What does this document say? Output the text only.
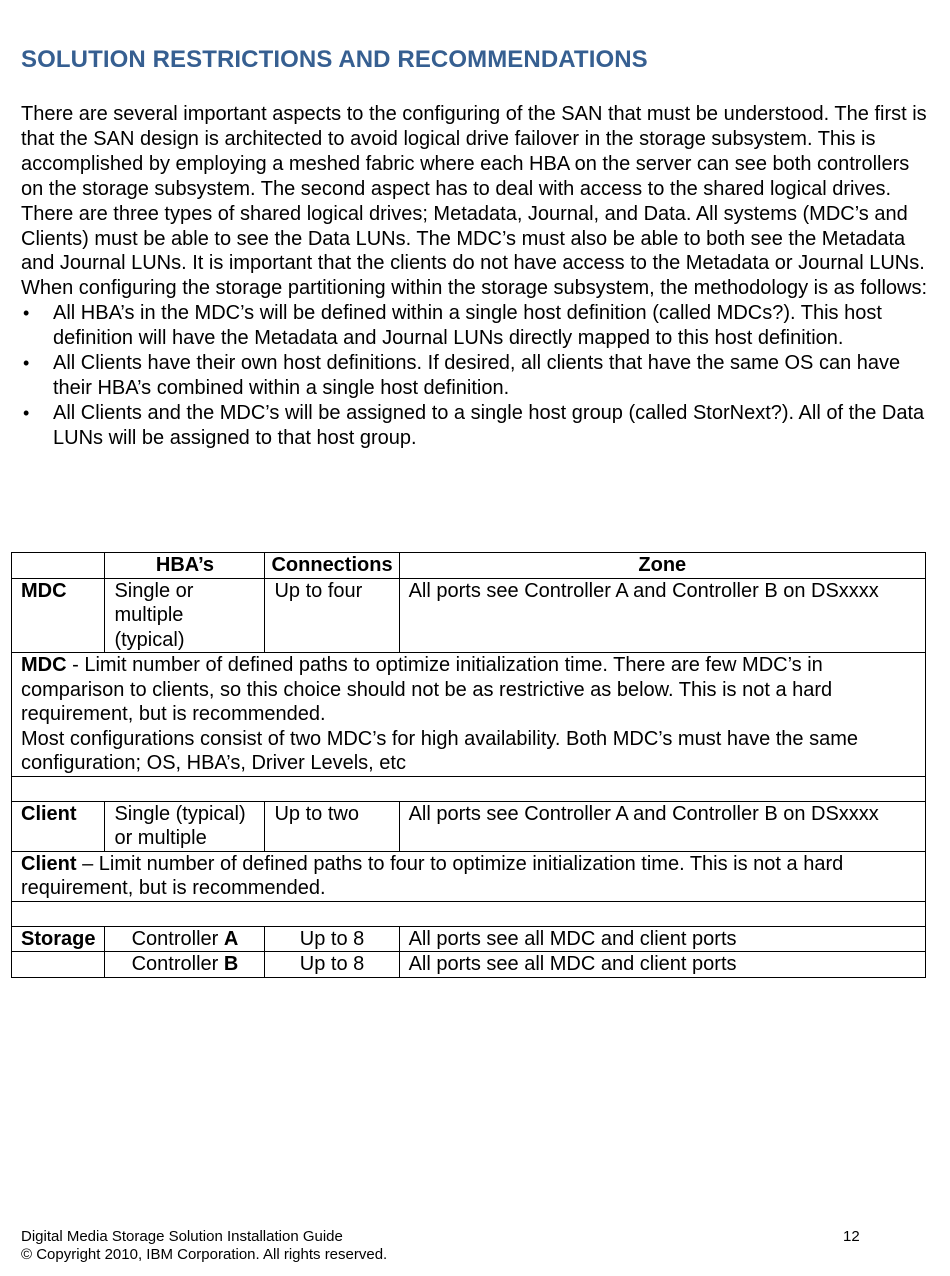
SOLUTION RESTRICTIONS AND RECOMMENDATIONS

There are several important aspects to the configuring of the SAN that must be understood. The first is that the SAN design is architected to avoid logical drive failover in the storage subsystem. This is accomplished by employing a meshed fabric where each HBA on the server can see both controllers on the storage subsystem. The second aspect has to deal with access to the shared logical drives. There are three types of shared logical drives; Metadata, Journal, and Data. All systems (MDC’s and Clients) must be able to see the Data LUNs. The MDC’s must also be able to both see the Metadata and Journal LUNs. It is important that the clients do not have access to the Metadata or Journal LUNs.

When configuring the storage partitioning within the storage subsystem, the methodology is as follows:

• All HBA’s in the MDC’s will be defined within a single host definition (called MDCs?). This host definition will have the Metadata and Journal LUNs directly mapped to this host definition.
• All Clients have their own host definitions. If desired, all clients that have the same OS can have their HBA’s combined within a single host definition.
• All Clients and the MDC’s will be assigned to a single host group (called StorNext?). All of the Data LUNs will be assigned to that host group.
	HBA’s	Connections	Zone
MDC	Single or multiple (typical)	Up to four	All ports see Controller A and Controller B on DSxxxx
MDC - Limit number of defined paths to optimize initialization time. There are few MDC’s in comparison to clients, so this choice should not be as restrictive as below. This is not a hard requirement, but is recommended.
Most configurations consist of two MDC’s for high availability. Both MDC’s must have the same configuration; OS, HBA’s, Driver Levels, etc			

Client	Single (typical) or multiple	Up to two	All ports see Controller A and Controller B on DSxxxx
Client – Limit number of defined paths to four to optimize initialization time. This is not a hard requirement, but is recommended.			

Storage	Controller A	Up to 8	All ports see all MDC and client ports
	Controller B	Up to 8	All ports see all MDC and client ports
Digital Media Storage Solution Installation Guide
© Copyright 2010, IBM Corporation. All rights reserved.
12
